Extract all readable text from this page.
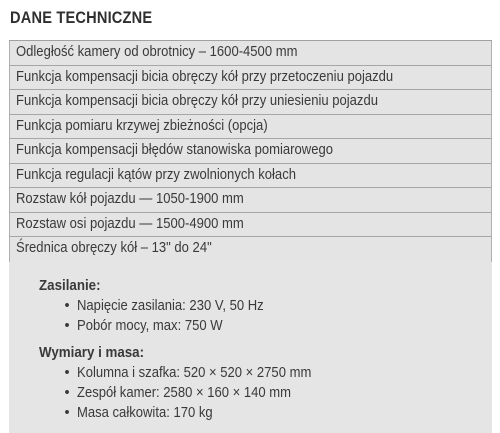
DANE TECHNICZNE
Odległość kamery od obrotnicy – 1600-4500 mm
Funkcja kompensacji bicia obręczy kół przy przetoczeniu pojazdu
Funkcja kompensacji bicia obręczy kół przy uniesieniu pojazdu
Funkcja pomiaru krzywej zbieżności (opcja)
Funkcja kompensacji błędów stanowiska pomiarowego
Funkcja regulacji kątów przy zwolnionych kołach
Rozstaw kół pojazdu — 1050-1900 mm
Rozstaw osi pojazdu — 1500-4900 mm
Średnica obręczy kół – 13" do 24"
Zasilanie:
• Napięcie zasilania: 230 V, 50 Hz
• Pobór mocy, max: 750 W
Wymiary i masa:
• Kolumna i szafka: 520 × 520 × 2750 mm
• Zespół kamer: 2580 × 160 × 140 mm
• Masa całkowita: 170 kg
